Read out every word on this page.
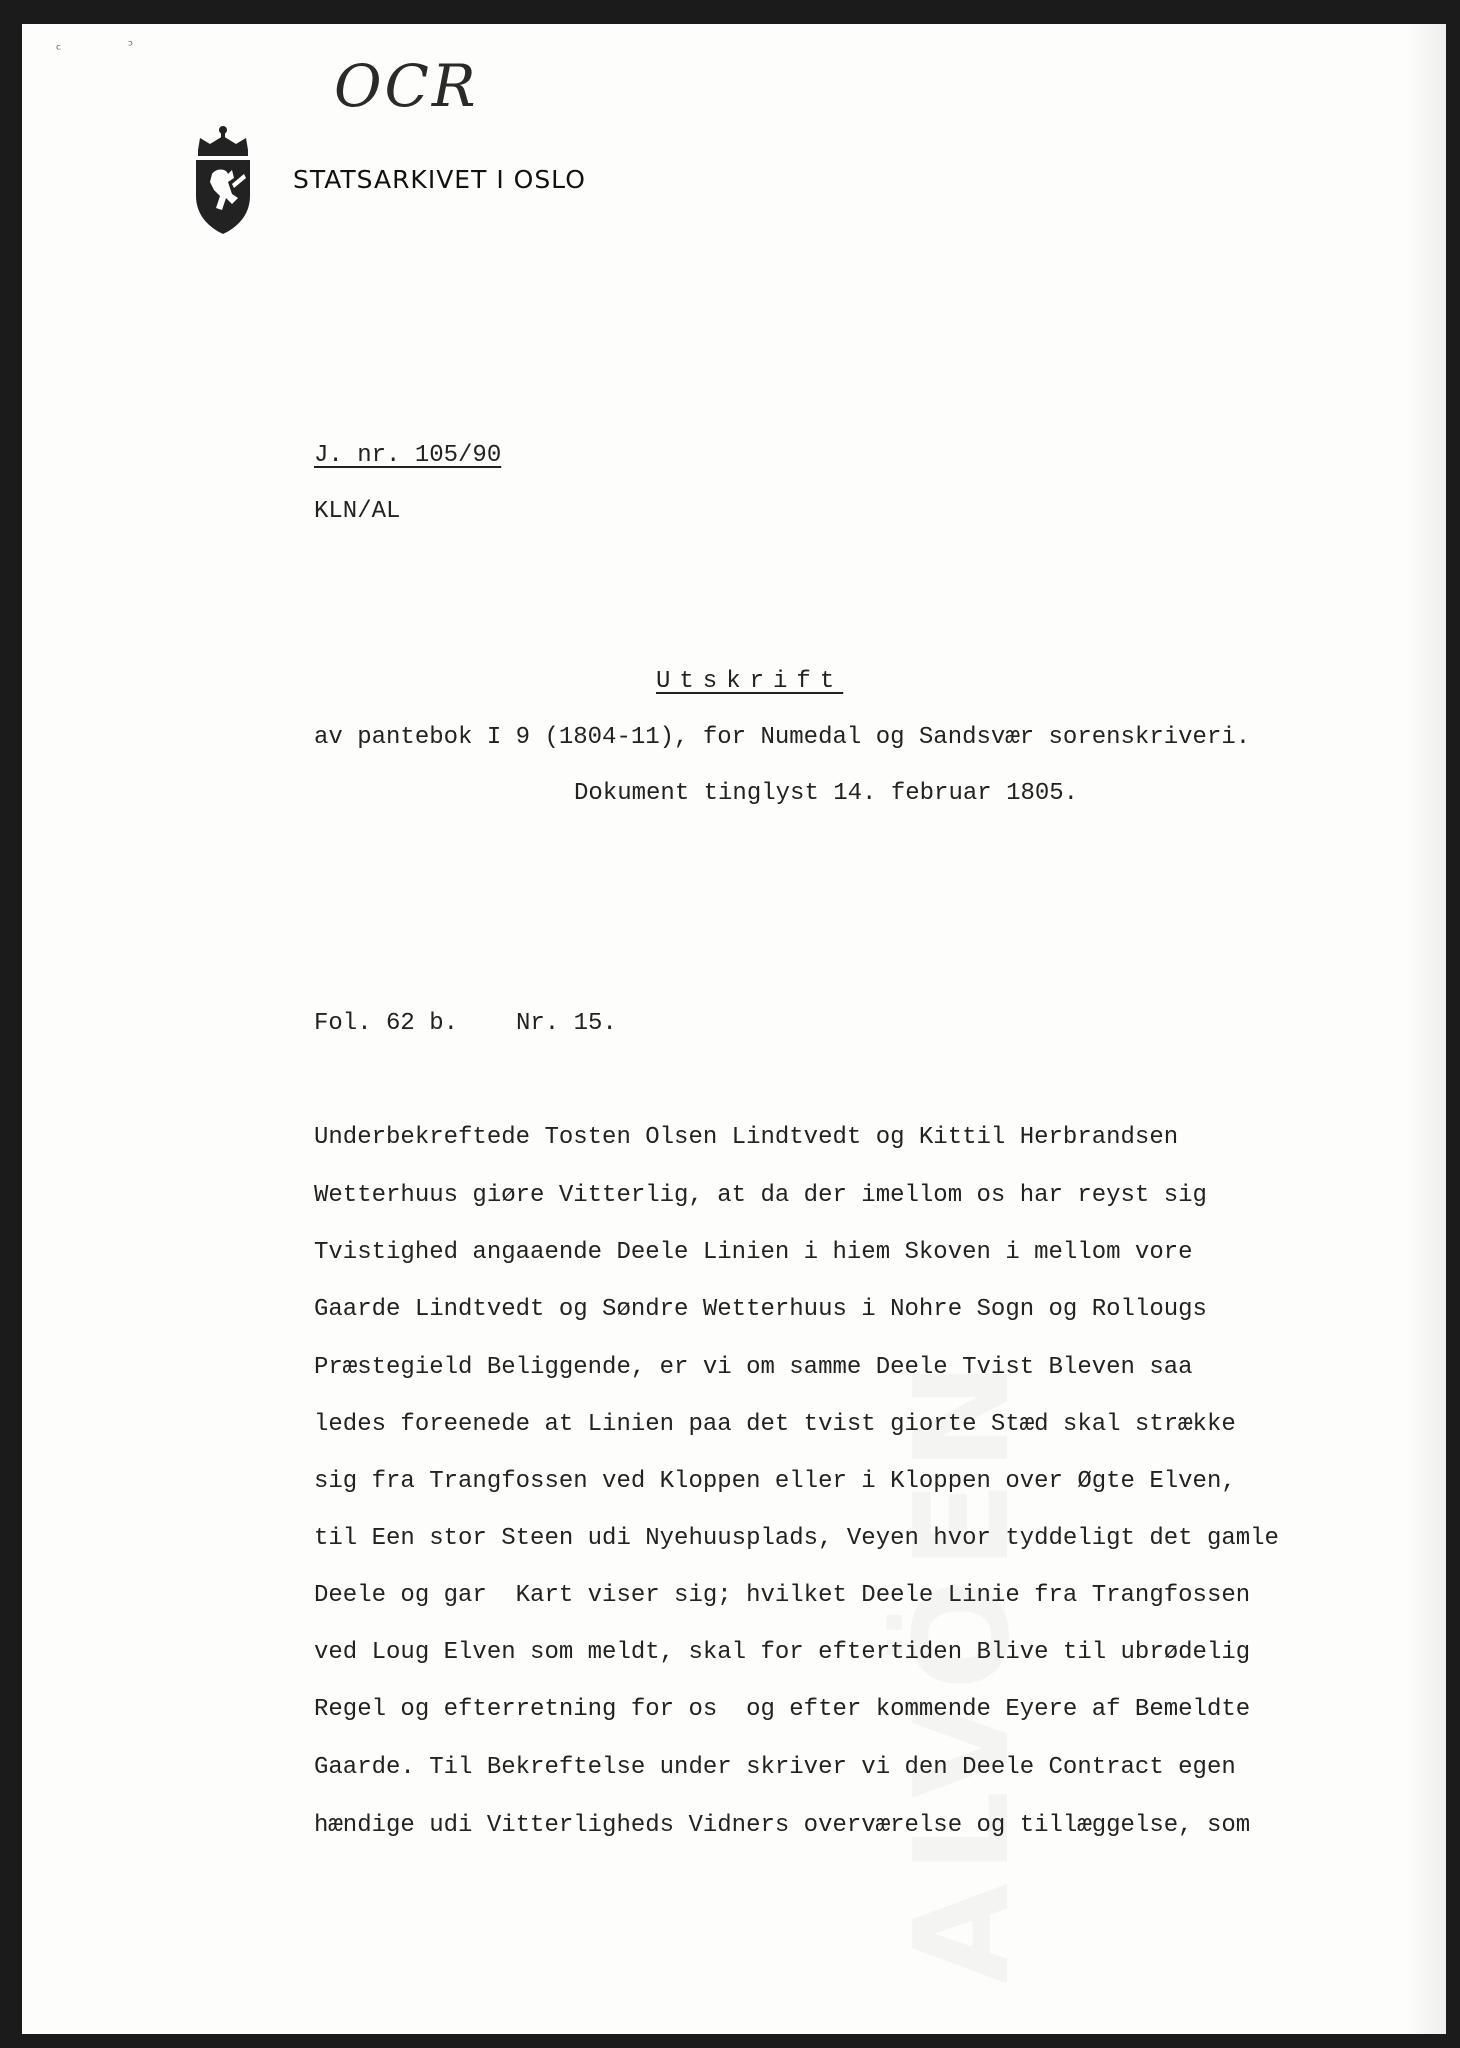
ᶜ	ᵓ
OCR
STATSARKIVET I OSLO
J. nr. 105/90
KLN/AL
Utskrift
av pantebok I 9 (1804-11), for Numedal og Sandsvær sorenskriveri.
Dokument tinglyst 14. februar 1805.
Fol. 62 b. Nr. 15.
Underbekreftede Tosten Olsen Lindtvedt og Kittil Herbrandsen
Wetterhuus giøre Vitterlig, at da der imellom os har reyst sig
Tvistighed angaaende Deele Linien i hiem Skoven i mellom vore
Gaarde Lindtvedt og Søndre Wetterhuus i Nohre Sogn og Rollougs
Præstegield Beliggende, er vi om samme Deele Tvist Bleven saa
ledes foreenede at Linien paa det tvist giorte Stæd skal strække
sig fra Trangfossen ved Kloppen eller i Kloppen over Øgte Elven,
til Een stor Steen udi Nyehuusplads, Veyen hvor tyddeligt det gamle
Deele og gar  Kart viser sig; hvilket Deele Linie fra Trangfossen
ved Loug Elven som meldt, skal for eftertiden Blive til ubrødelig
Regel og efterretning for os  og efter kommende Eyere af Bemeldte
Gaarde. Til Bekreftelse under skriver vi den Deele Contract egen
hændige udi Vitterligheds Vidners overværelse og tillæggelse, som
